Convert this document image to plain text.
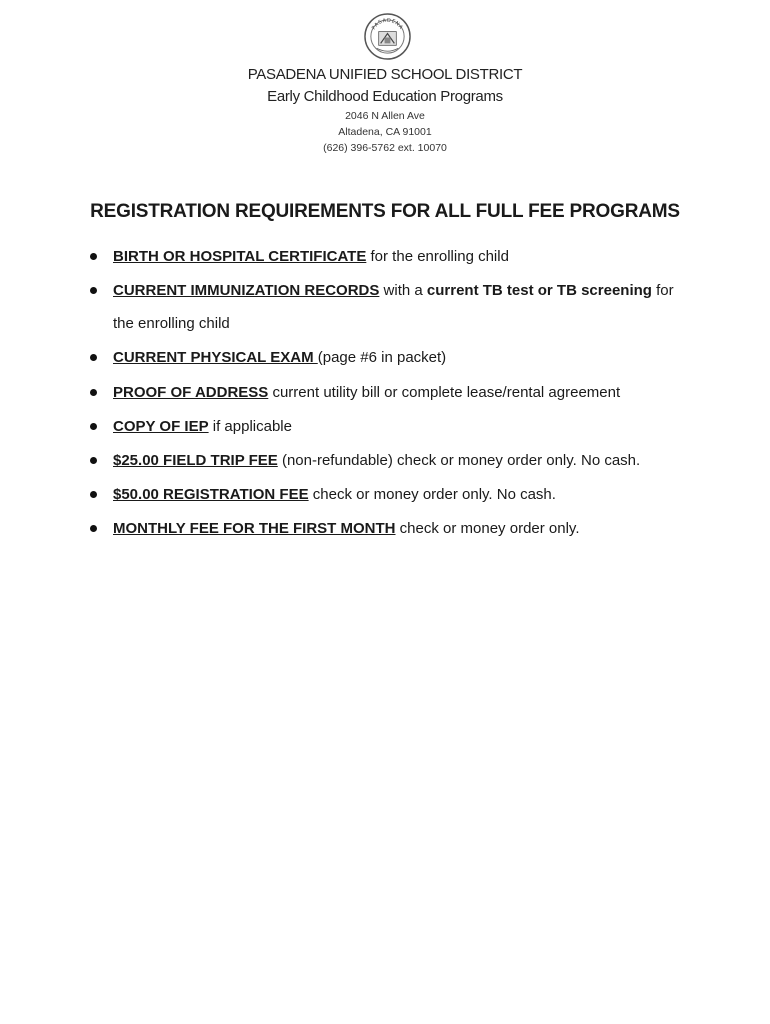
PASADENA
PASADENA UNIFIED SCHOOL DISTRICT
Early Childhood Education Programs
2046 N Allen Ave
Altadena, CA 91001
(626) 396-5762 ext. 10070
REGISTRATION REQUIREMENTS FOR ALL FULL FEE PROGRAMS
BIRTH OR HOSPITAL CERTIFICATE for the enrolling child
CURRENT IMMUNIZATION RECORDS with a current TB test or TB screening for
the enrolling child
CURRENT PHYSICAL EXAM (page #6 in packet)
PROOF OF ADDRESS current utility bill or complete lease/rental agreement
COPY OF IEP if applicable
$25.00 FIELD TRIP FEE (non-refundable) check or money order only. No cash.
$50.00 REGISTRATION FEE check or money order only. No cash.
MONTHLY FEE FOR THE FIRST MONTH check or money order only.
